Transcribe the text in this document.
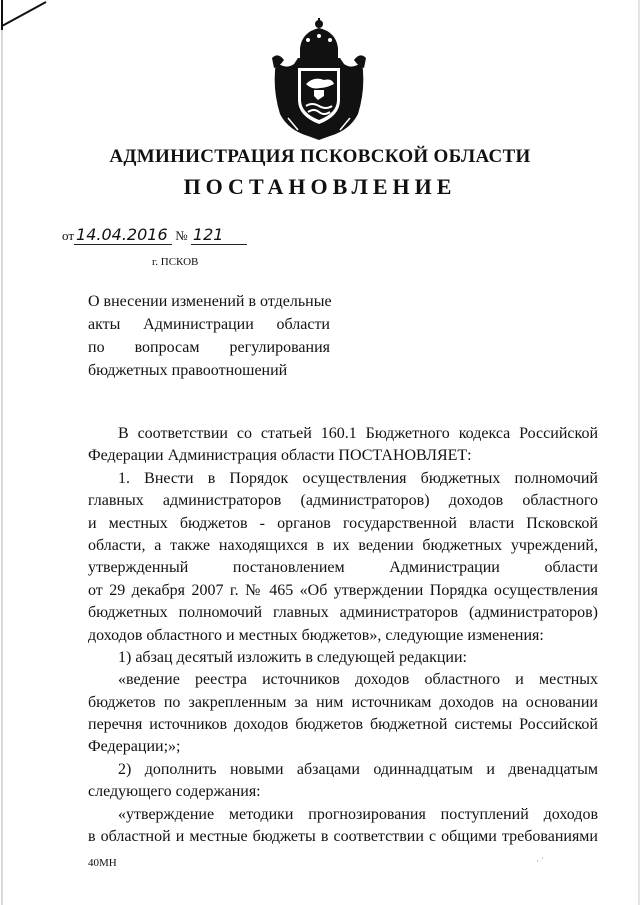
АДМИНИСТРАЦИЯ ПСКОВСКОЙ ОБЛАСТИ
ПОСТАНОВЛЕНИЕ
от 14.04.2016 № 121
г. ПСКОВ
О внесении изменений в отдельные
акты Администрации области
по вопросам регулирования
бюджетных правоотношений
В соответствии со статьей 160.1 Бюджетного кодекса Российской
Федерации Администрация области ПОСТАНОВЛЯЕТ:
1. Внести в Порядок осуществления бюджетных полномочий
главных администраторов (администраторов) доходов областного
и местных бюджетов - органов государственной власти Псковской
области, а также находящихся в их ведении бюджетных учреждений,
утвержденный постановлением Администрации области
от 29 декабря 2007 г. № 465 «Об утверждении Порядка осуществления
бюджетных полномочий главных администраторов (администраторов)
доходов областного и местных бюджетов», следующие изменения:
1) абзац десятый изложить в следующей редакции:
«ведение реестра источников доходов областного и местных
бюджетов по закрепленным за ним источникам доходов на основании
перечня источников доходов бюджетов бюджетной системы Российской
Федерации;»;
2) дополнить новыми абзацами одиннадцатым и двенадцатым
следующего содержания:
«утверждение методики прогнозирования поступлений доходов
в областной и местные бюджеты в соответствии с общими требованиями
40МН	· ˙
